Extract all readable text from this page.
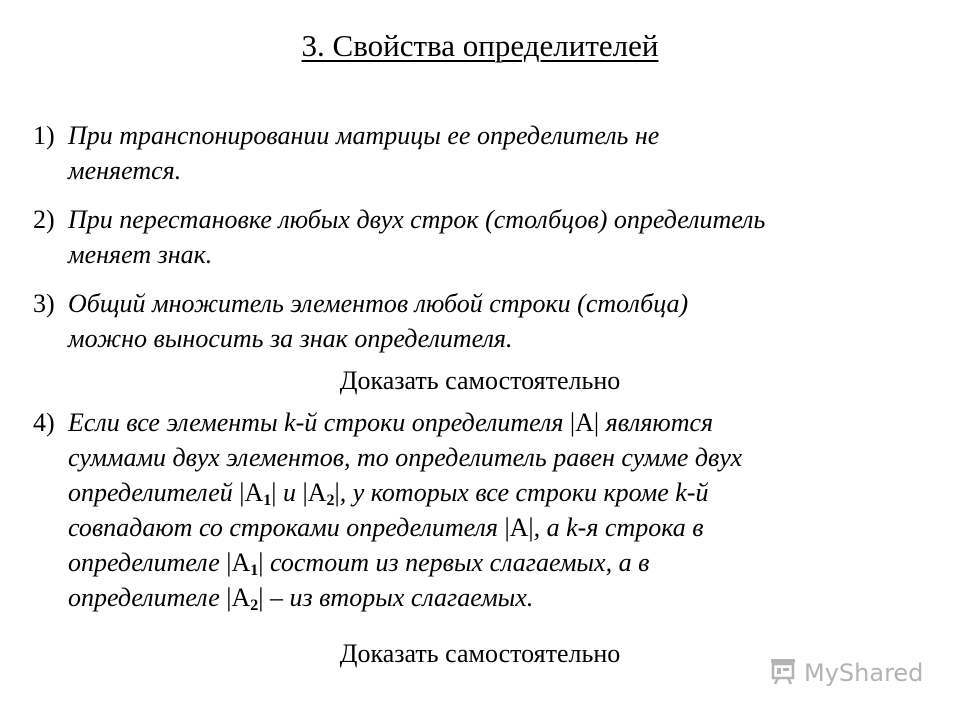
3. Свойства определителей
1) При транспонировании матрицы ее определитель не
меняется.
2) При перестановке любых двух строк (столбцов) определитель
меняет знак.
3) Общий множитель элементов любой строки (столбца)
можно выносить за знак определителя.
Доказать самостоятельно
4) Если все элементы k-й строки определителя |A| являются
суммами двух элементов, то определитель равен сумме двух
определителей $|A_1|$ и $|A_2|$, у которых все строки кроме k-й
совпадают со строками определителя |A|, а k-я строка в
определителе $|A_1|$ состоит из первых слагаемых, а в
определителе $|A_2|$ – из вторых слагаемых.
Доказать самостоятельно
MyShared
